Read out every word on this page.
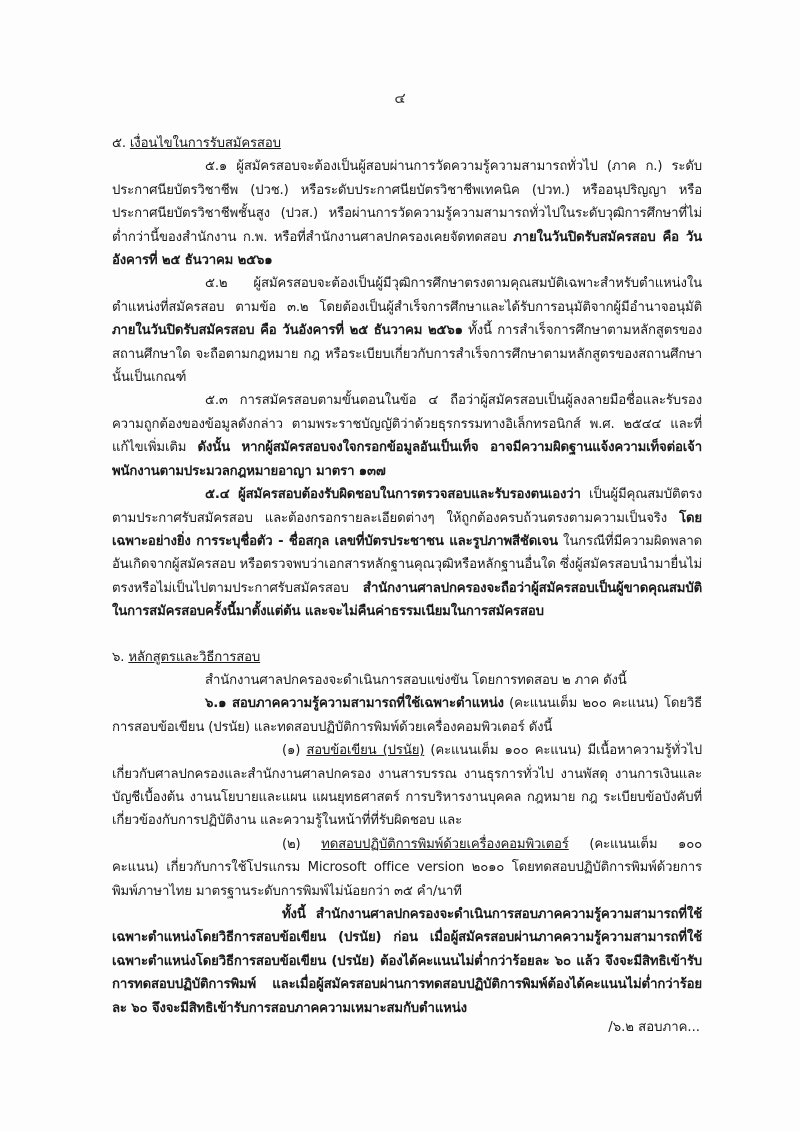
๔

๕. เงื่อนไขในการรับสมัครสอบ

๕.๑ ผู้สมัครสอบจะต้องเป็นผู้สอบผ่านการวัดความรู้ความสามารถทั่วไป (ภาค ก.) ระดับประกาศนียบัตรวิชาชีพ (ปวช.) หรือระดับประกาศนียบัตรวิชาชีพเทคนิค (ปวท.) หรืออนุปริญญา หรือประกาศนียบัตรวิชาชีพชั้นสูง (ปวส.) หรือผ่านการวัดความรู้ความสามารถทั่วไปในระดับวุฒิการศึกษาที่ไม่ต่ำกว่านี้ของสำนักงาน ก.พ. หรือที่สำนักงานศาลปกครองเคยจัดทดสอบ ภายในวันปิดรับสมัครสอบ คือ วันอังคารที่ ๒๕ ธันวาคม ๒๕๖๑

๕.๒ ผู้สมัครสอบจะต้องเป็นผู้มีวุฒิการศึกษาตรงตามคุณสมบัติเฉพาะสำหรับตำแหน่งในตำแหน่งที่สมัครสอบ ตามข้อ ๓.๒ โดยต้องเป็นผู้สำเร็จการศึกษาและได้รับการอนุมัติจากผู้มีอำนาจอนุมัติ ภายในวันปิดรับสมัครสอบ คือ วันอังคารที่ ๒๕ ธันวาคม ๒๕๖๑ ทั้งนี้ การสำเร็จการศึกษาตามหลักสูตรของสถานศึกษาใด จะถือตามกฎหมาย กฎ หรือระเบียบเกี่ยวกับการสำเร็จการศึกษาตามหลักสูตรของสถานศึกษานั้นเป็นเกณฑ์

๕.๓ การสมัครสอบตามขั้นตอนในข้อ ๔ ถือว่าผู้สมัครสอบเป็นผู้ลงลายมือชื่อและรับรองความถูกต้องของข้อมูลดังกล่าว ตามพระราชบัญญัติว่าด้วยธุรกรรมทางอิเล็กทรอนิกส์ พ.ศ. ๒๕๔๔ และที่แก้ไขเพิ่มเติม ดังนั้น หากผู้สมัครสอบจงใจกรอกข้อมูลอันเป็นเท็จ อาจมีความผิดฐานแจ้งความเท็จต่อเจ้าพนักงานตามประมวลกฎหมายอาญา มาตรา ๑๓๗

๕.๔ ผู้สมัครสอบต้องรับผิดชอบในการตรวจสอบและรับรองตนเองว่า เป็นผู้มีคุณสมบัติตรงตามประกาศรับสมัครสอบ และต้องกรอกรายละเอียดต่างๆ ให้ถูกต้องครบถ้วนตรงตามความเป็นจริง โดยเฉพาะอย่างยิ่ง การระบุชื่อตัว - ชื่อสกุล เลขที่บัตรประชาชน และรูปภาพสีชัดเจน ในกรณีที่มีความผิดพลาดอันเกิดจากผู้สมัครสอบ หรือตรวจพบว่าเอกสารหลักฐานคุณวุฒิหรือหลักฐานอื่นใด ซึ่งผู้สมัครสอบนำมายื่นไม่ตรงหรือไม่เป็นไปตามประกาศรับสมัครสอบ สำนักงานศาลปกครองจะถือว่าผู้สมัครสอบเป็นผู้ขาดคุณสมบัติในการสมัครสอบครั้งนี้มาตั้งแต่ต้น และจะไม่คืนค่าธรรมเนียมในการสมัครสอบ

๖. หลักสูตรและวิธีการสอบ

สำนักงานศาลปกครองจะดำเนินการสอบแข่งขัน โดยการทดสอบ ๒ ภาค ดังนี้

๖.๑ สอบภาคความรู้ความสามารถที่ใช้เฉพาะตำแหน่ง (คะแนนเต็ม ๒๐๐ คะแนน) โดยวิธีการสอบข้อเขียน (ปรนัย) และทดสอบปฏิบัติการพิมพ์ด้วยเครื่องคอมพิวเตอร์ ดังนี้

(๑) สอบข้อเขียน (ปรนัย) (คะแนนเต็ม ๑๐๐ คะแนน) มีเนื้อหาความรู้ทั่วไปเกี่ยวกับศาลปกครองและสำนักงานศาลปกครอง งานสารบรรณ งานธุรการทั่วไป งานพัสดุ งานการเงินและบัญชีเบื้องต้น งานนโยบายและแผน แผนยุทธศาสตร์ การบริหารงานบุคคล กฎหมาย กฎ ระเบียบข้อบังคับที่เกี่ยวข้องกับการปฏิบัติงาน และความรู้ในหน้าที่ที่รับผิดชอบ และ

(๒) ทดสอบปฏิบัติการพิมพ์ด้วยเครื่องคอมพิวเตอร์ (คะแนนเต็ม ๑๐๐ คะแนน) เกี่ยวกับการใช้โปรแกรม Microsoft office version ๒๐๑๐ โดยทดสอบปฏิบัติการพิมพ์ด้วยการพิมพ์ภาษาไทย มาตรฐานระดับการพิมพ์ไม่น้อยกว่า ๓๕ คำ/นาที

ทั้งนี้ สำนักงานศาลปกครองจะดำเนินการสอบภาคความรู้ความสามารถที่ใช้เฉพาะตำแหน่งโดยวิธีการสอบข้อเขียน (ปรนัย) ก่อน เมื่อผู้สมัครสอบผ่านภาคความรู้ความสามารถที่ใช้เฉพาะตำแหน่งโดยวิธีการสอบข้อเขียน (ปรนัย) ต้องได้คะแนนไม่ต่ำกว่าร้อยละ ๖๐ แล้ว จึงจะมีสิทธิเข้ารับการทดสอบปฏิบัติการพิมพ์ และเมื่อผู้สมัครสอบผ่านการทดสอบปฏิบัติการพิมพ์ต้องได้คะแนนไม่ต่ำกว่าร้อยละ ๖๐ จึงจะมีสิทธิเข้ารับการสอบภาคความเหมาะสมกับตำแหน่ง

/๖.๒ สอบภาค...
